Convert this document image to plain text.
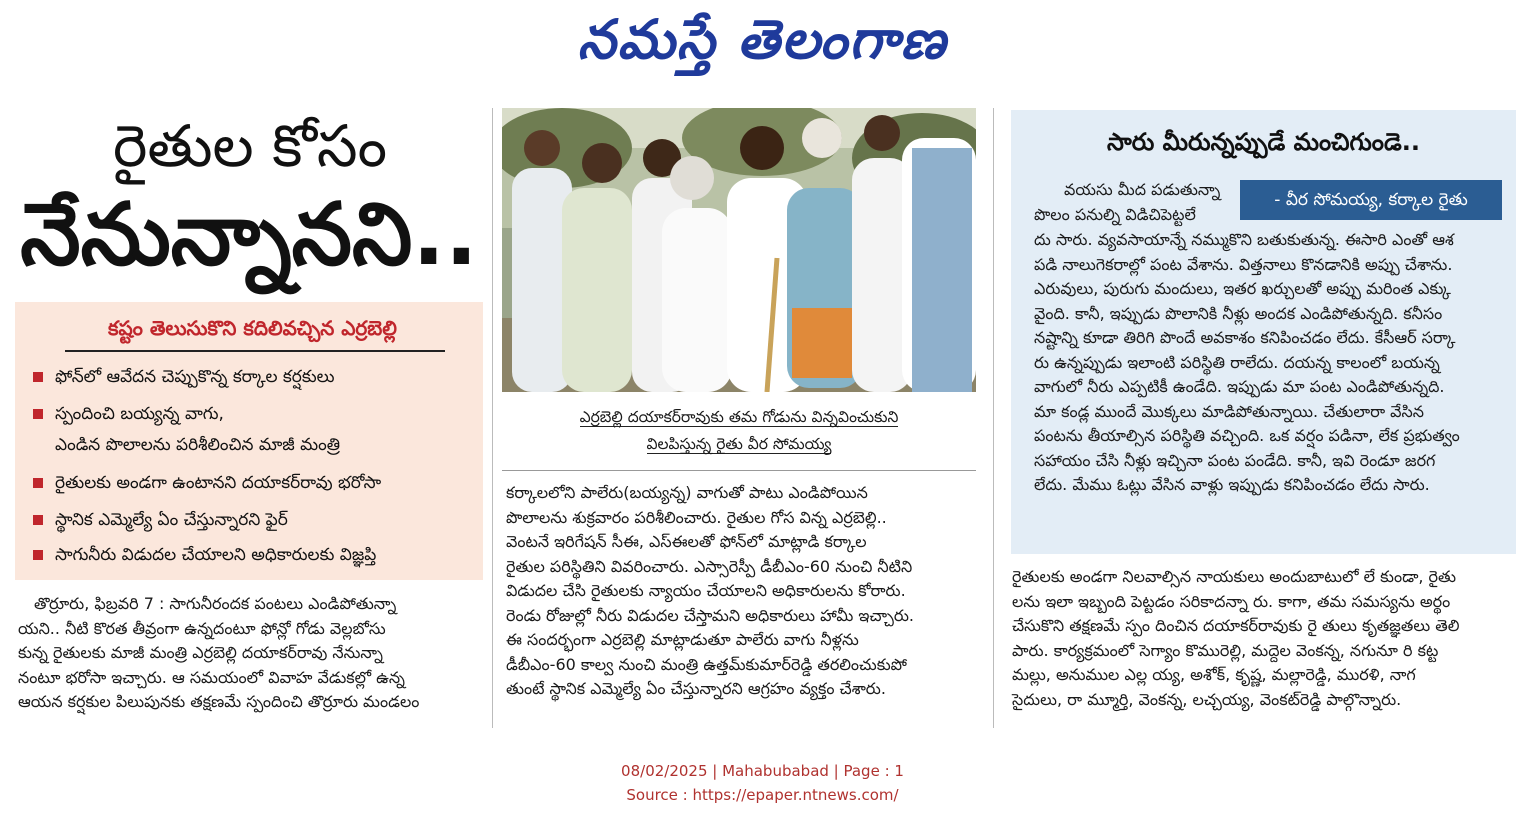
నమస్తే తెలంగాణ
రైతుల కోసం
నేనున్నానని..
కష్టం తెలుసుకొని కదిలివచ్చిన ఎర్రబెల్లి
ఫోన్‌లో ఆవేదన చెప్పుకొన్న కర్కాల కర్షకులు
స్పందించి బయ్యన్న వాగు,
ఎండిన పొలాలను పరిశీలించిన మాజీ మంత్రి
రైతులకు అండగా ఉంటానని దయాకర్‌రావు భరోసా
స్థానిక ఎమ్మెల్యే ఏం చేస్తున్నారని ఫైర్
సాగునీరు విడుదల చేయాలని అధికారులకు విజ్ఞప్తి
తొర్రూరు, ఫిబ్రవరి 7 : సాగునీరందక పంటలు ఎండిపోతున్నా
యని.. నీటి కొరత తీవ్రంగా ఉన్నదంటూ ఫోన్లో గోడు వెల్లబోసు
కున్న రైతులకు మాజీ మంత్రి ఎర్రబెల్లి దయాకర్‌రావు నేనున్నా
నంటూ భరోసా ఇచ్చారు. ఆ సమయంలో వివాహ వేడుకల్లో ఉన్న
ఆయన కర్షకుల పిలుపునకు తక్షణమే స్పందించి తొర్రూరు మండలం
ఎర్రబెల్లి దయాకర్‌రావుకు తమ గోడును విన్నవించుకుని
విలపిస్తున్న రైతు వీర సోమయ్య
కర్కాలలోని పాలేరు(బయ్యన్న) వాగుతో పాటు ఎండిపోయిన
పొలాలను శుక్రవారం పరిశీలించారు. రైతుల గోస విన్న ఎర్రబెల్లి..
వెంటనే ఇరిగేషన్ సీఈ, ఎస్‌ఈలతో ఫోన్‌లో మాట్లాడి కర్కాల
రైతుల పరిస్థితిని వివరించారు. ఎస్సారెస్పీ డీబీఎం-60 నుంచి నీటిని
విడుదల చేసి రైతులకు న్యాయం చేయాలని అధికారులను కోరారు.
రెండు రోజుల్లో నీరు విడుదల చేస్తామని అధికారులు హామీ ఇచ్చారు.
ఈ సందర్భంగా ఎర్రబెల్లి మాట్లాడుతూ పాలేరు వాగు నీళ్లను
డీబీఎం-60 కాల్వ నుంచి మంత్రి ఉత్తమ్‌కుమార్‌రెడ్డి తరలించుకుపో
తుంటే స్థానిక ఎమ్మెల్యే ఏం చేస్తున్నారని ఆగ్రహం వ్యక్తం చేశారు.
సారు మీరున్నప్పుడే మంచిగుండె..
- వీర సోమయ్య, కర్కాల రైతు
వయసు మీద పడుతున్నా
పొలం పనుల్ని విడిచిపెట్టలే
దు సారు. వ్యవసాయాన్నే నమ్ముకొని బతుకుతున్న. ఈసారి ఎంతో ఆశ
పడి నాలుగెకరాల్లో పంట వేశాను. విత్తనాలు కొనడానికి అప్పు చేశాను.
ఎరువులు, పురుగు మందులు, ఇతర ఖర్చులతో అప్పు మరింత ఎక్కు
వైంది. కానీ, ఇప్పుడు పొలానికి నీళ్లు అందక ఎండిపోతున్నది. కనీసం
నష్టాన్ని కూడా తిరిగి పొందే అవకాశం కనిపించడం లేదు. కేసీఆర్ సర్కా
రు ఉన్నప్పుడు ఇలాంటి పరిస్థితి రాలేదు. దయన్న కాలంలో బయన్న
వాగులో నీరు ఎప్పటికీ ఉండేది. ఇప్పుడు మా పంట ఎండిపోతున్నది.
మా కండ్ల ముందే మొక్కలు మాడిపోతున్నాయి. చేతులారా వేసిన
పంటను తీయాల్సిన పరిస్థితి వచ్చింది. ఒక వర్షం పడినా, లేక ప్రభుత్వం
సహాయం చేసి నీళ్లు ఇచ్చినా పంట పండేది. కానీ, ఇవి రెండూ జరగ
లేదు. మేము ఓట్లు వేసిన వాళ్లు ఇప్పుడు కనిపించడం లేదు సారు.
రైతులకు అండగా నిలవాల్సిన నాయకులు అందుబాటులో లే కుండా, రైతు
లను ఇలా ఇబ్బంది పెట్టడం సరికాదన్నా రు. కాగా, తమ సమస్యను అర్థం
చేసుకొని తక్షణమే స్పం దించిన దయాకర్‌రావుకు రై తులు కృతజ్ఞతలు తెలి
పారు. కార్యక్రమంలో సెగ్యాం కొమురెల్లి, మద్దెల వెంకన్న, నగునూ రి కట్ట
మల్లు, అనుముల ఎల్ల య్య, అశోక్, కృష్ణ, మల్లారెడ్డి, మురళి, నాగ
సైదులు, రా మ్మూర్తి, వెంకన్న, లచ్చయ్య, వెంకట్‌రెడ్డి పాల్గొన్నారు.
08/02/2025 | Mahabubabad | Page : 1
Source : https://epaper.ntnews.com/
